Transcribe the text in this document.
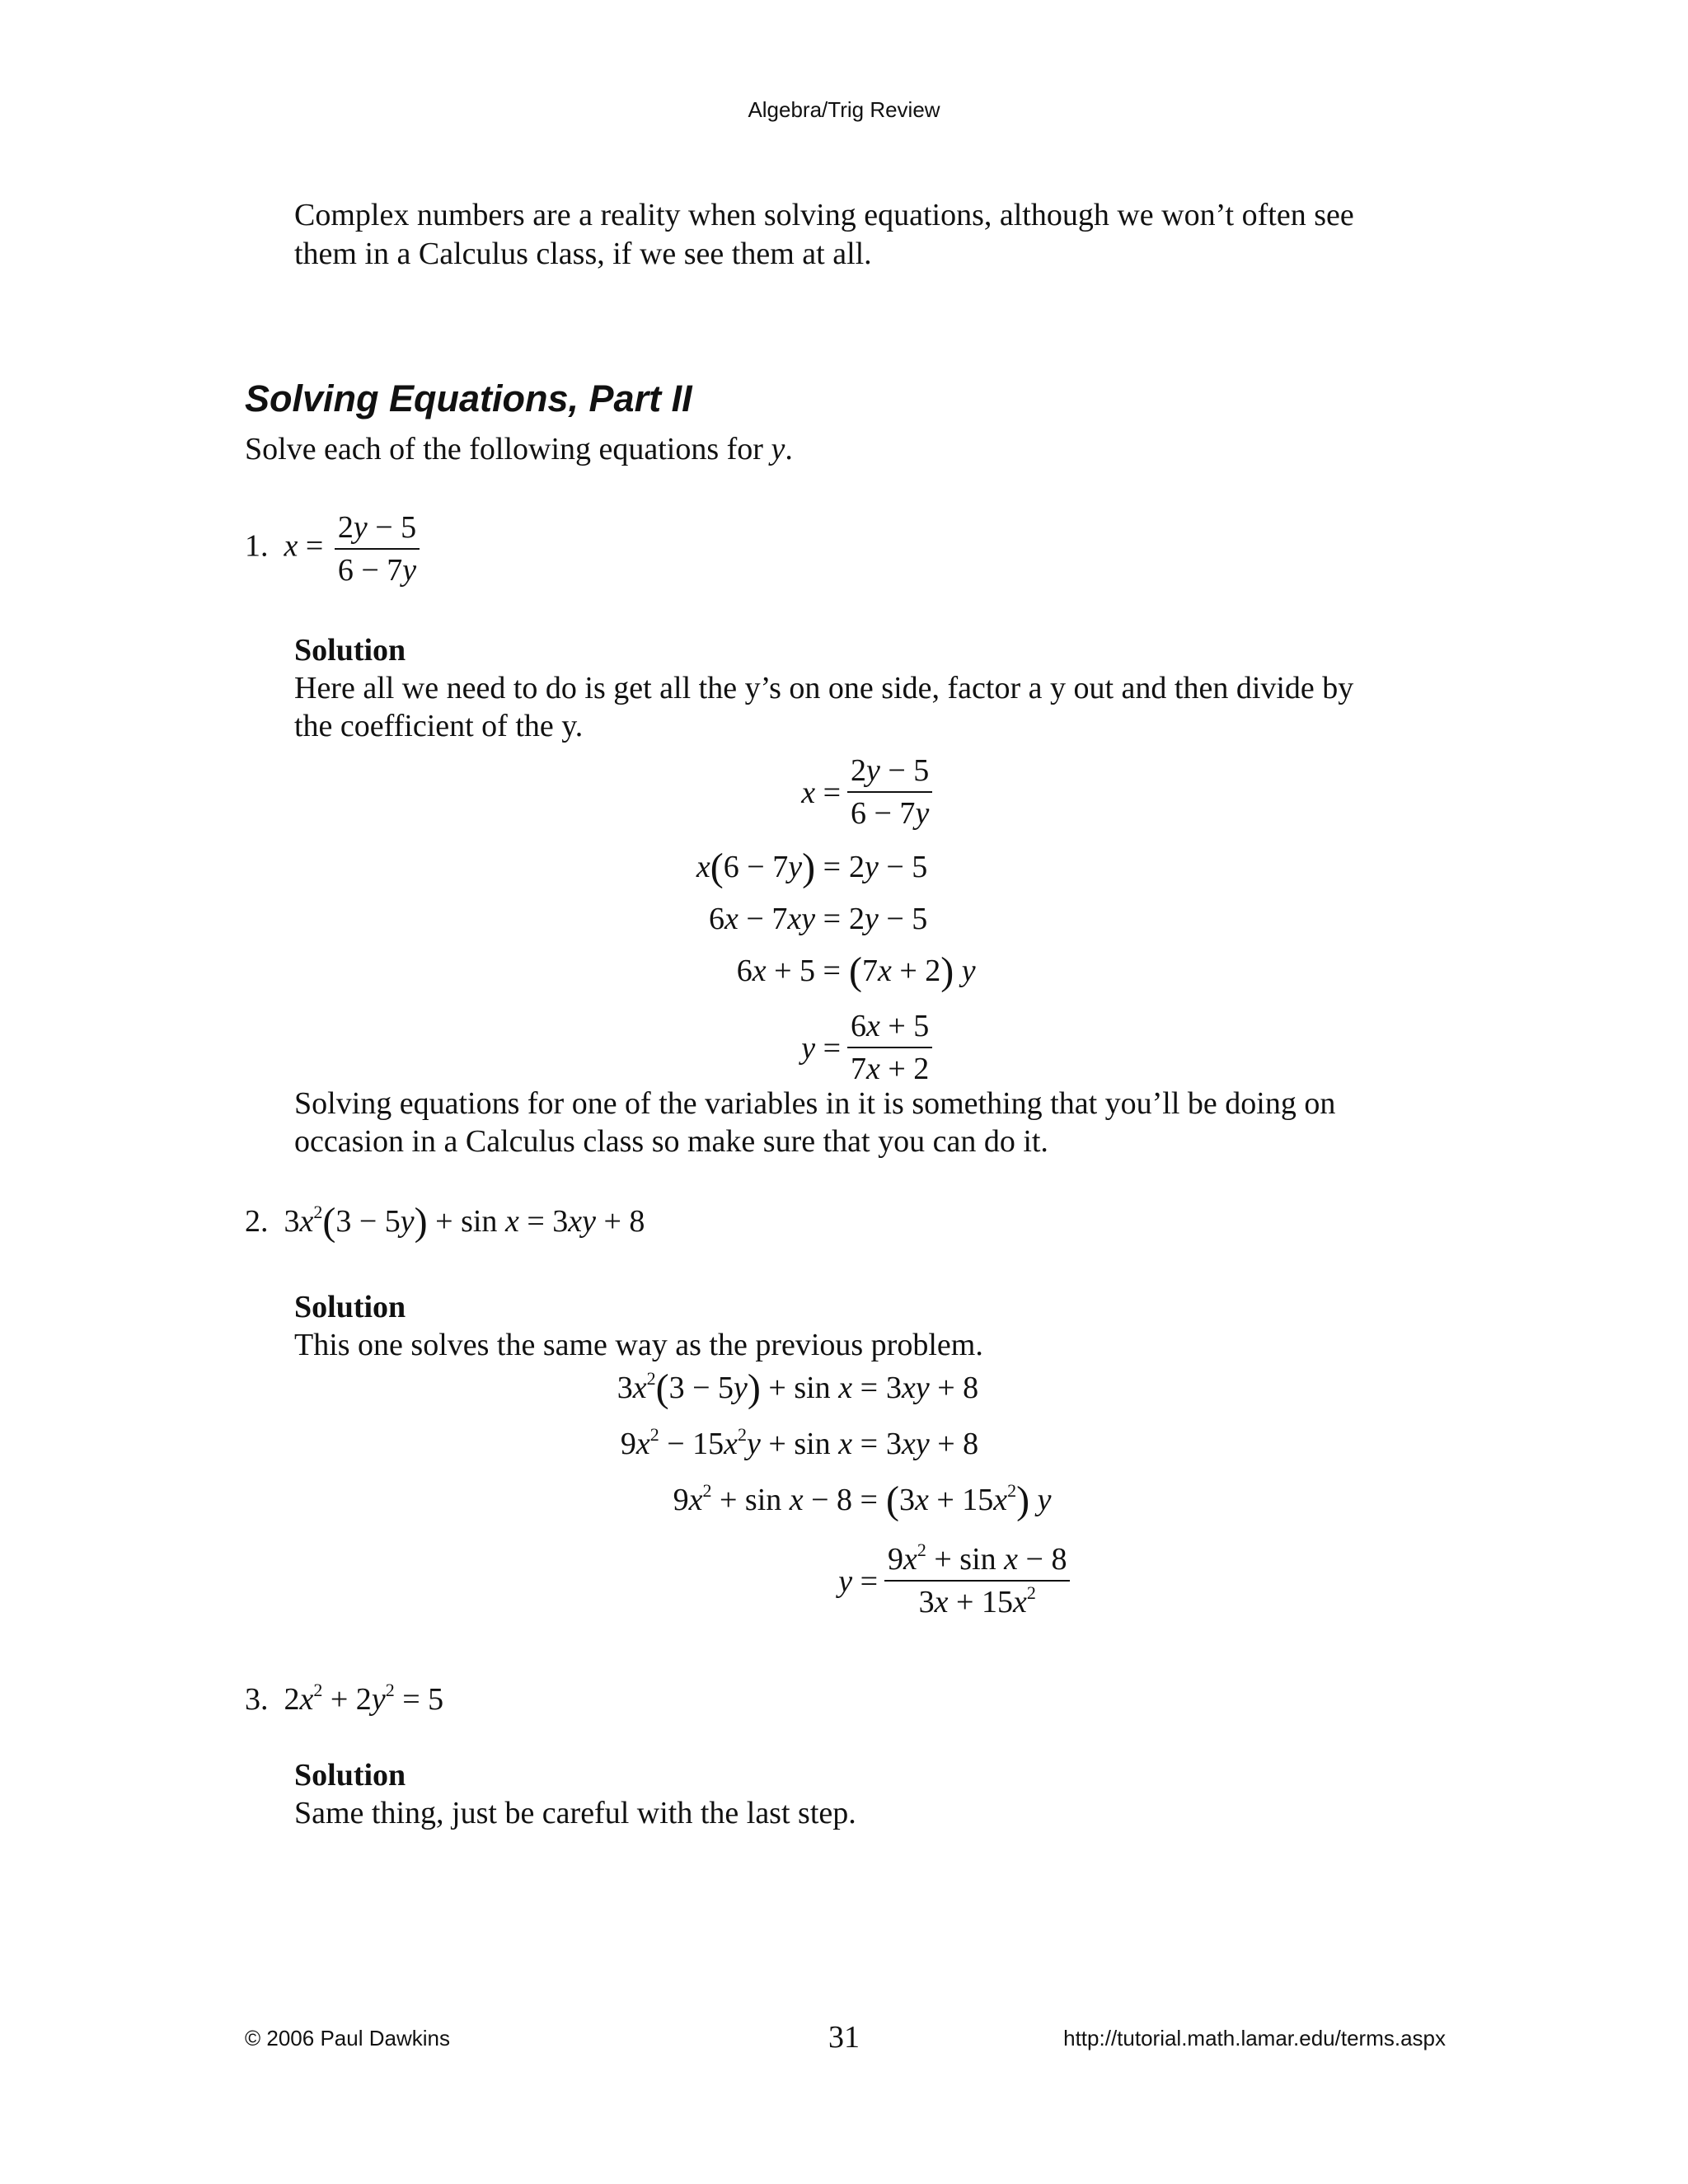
Algebra/Trig Review
Complex numbers are a reality when solving equations, although we won’t often see
them in a Calculus class, if we see them at all.
Solving Equations, Part II
Solve each of the following equations for y.
1. $x = \frac{2y - 5}{6 - 7y}$
Solution
Here all we need to do is get all the y’s on one side, factor a y out and then divide by
the coefficient of the y.
$x = \frac{2y - 5}{6 - 7y}$
x(6 − 7y) = 2y − 5
6x − 7xy = 2y − 5
6x + 5 = (7x + 2) y
$y = \frac{6x + 5}{7x + 2}$
Solving equations for one of the variables in it is something that you’ll be doing on
occasion in a Calculus class so make sure that you can do it.
2.  $3x^2(3 - 5y) + \sin x = 3xy + 8$
Solution
This one solves the same way as the previous problem.
$3x^2(3 - 5y) + \sin x = 3xy + 8$
$9x^2 - 15x^2y + \sin x = 3xy + 8$
$9x^2 + \sin x - 8 = (3x + 15x^2)$ y
$y = \frac{9x^2 + \sin x - 8}{3x + 15x^2}$
3.  $2x^2 + 2y^2 = 5$
Solution
Same thing, just be careful with the last step.
© 2006 Paul Dawkins	31	http://tutorial.math.lamar.edu/terms.aspx
